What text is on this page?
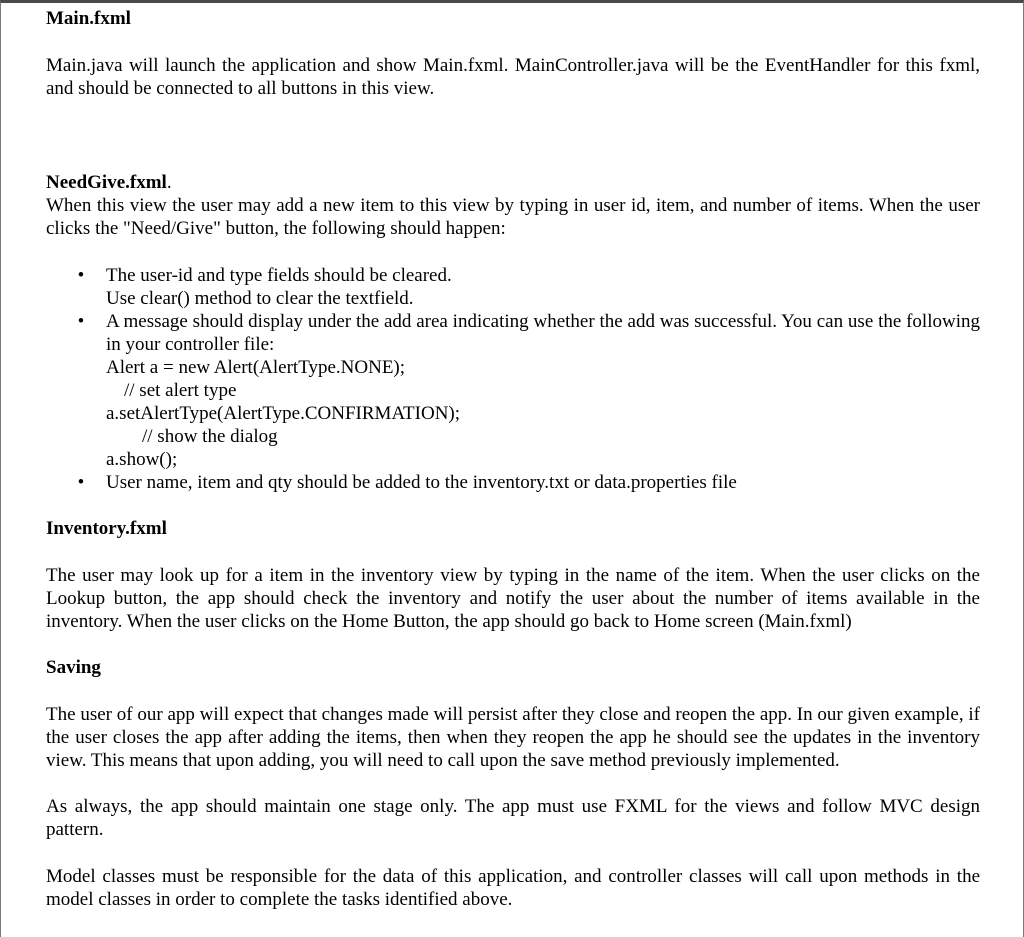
Main.fxml

Main.java will launch the application and show Main.fxml. MainController.java will be the EventHandler for this fxml, and should be connected to all buttons in this view.

NeedGive.fxml.

When this view the user may add a new item to this view by typing in user id, item, and number of items. When the user clicks the "Need/Give" button, the following should happen:

•	The user-id and type fields should be cleared.
Use clear() method to clear the textfield.
•	A message should display under the add area indicating whether the add was successful. You can use the following in your controller file:
Alert a = new Alert(AlertType.NONE);
// set alert type
a.setAlertType(AlertType.CONFIRMATION);
// show the dialog
a.show();
•	User name, item and qty should be added to the inventory.txt or data.properties file
Inventory.fxml

The user may look up for a item in the inventory view by typing in the name of the item. When the user clicks on the Lookup button, the app should check the inventory and notify the user about the number of items available in the inventory. When the user clicks on the Home Button, the app should go back to Home screen (Main.fxml)

Saving

The user of our app will expect that changes made will persist after they close and reopen the app. In our given example, if the user closes the app after adding the items, then when they reopen the app he should see the updates in the inventory view. This means that upon adding, you will need to call upon the save method previously implemented.

As always, the app should maintain one stage only. The app must use FXML for the views and follow MVC design pattern.

Model classes must be responsible for the data of this application, and controller classes will call upon methods in the model classes in order to complete the tasks identified above.
